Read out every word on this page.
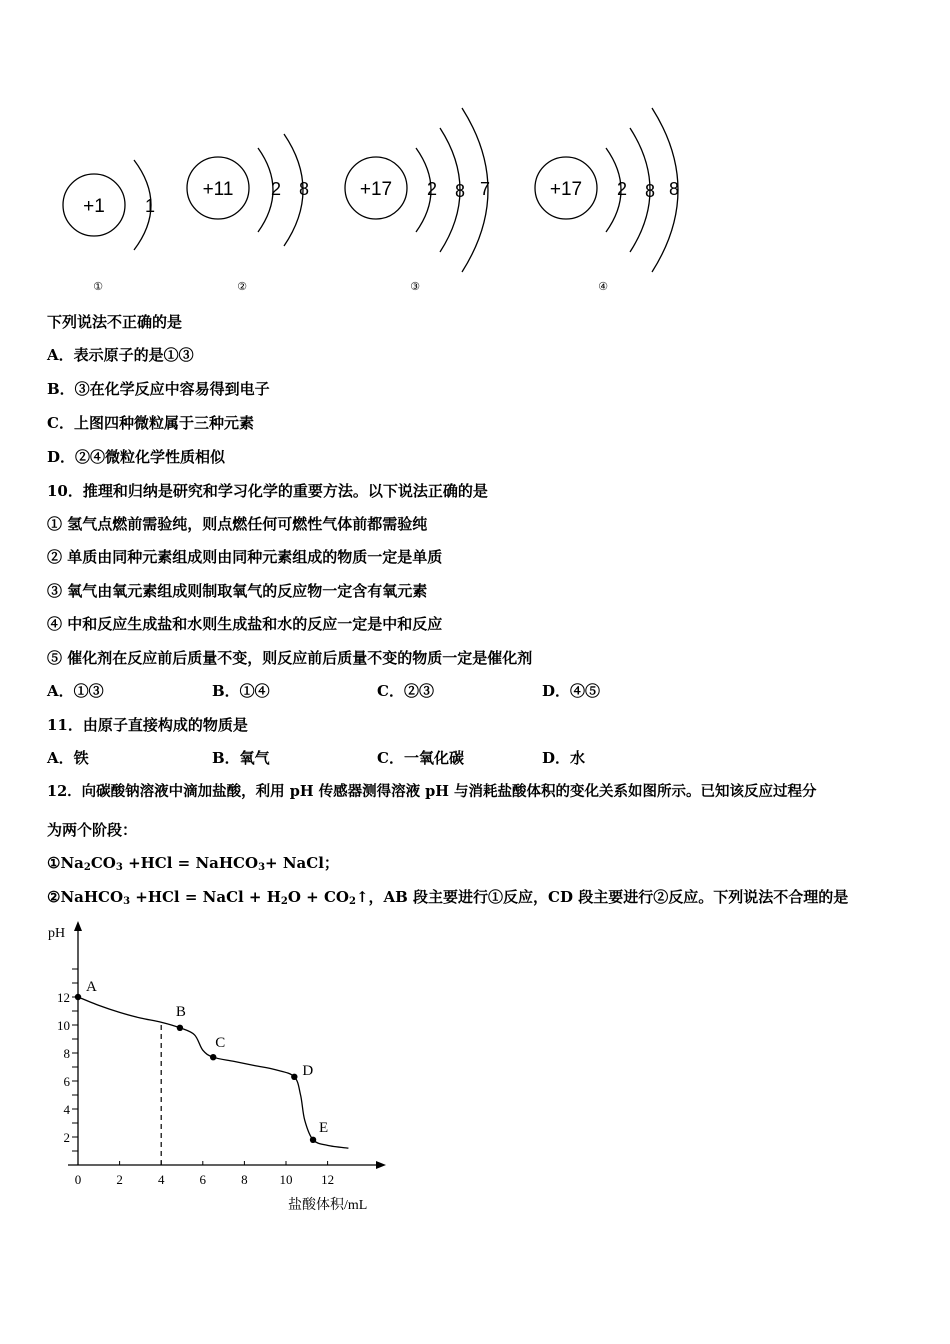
+1 1
①
+11 2 8
②
+17 2 8 7
③
+17 2 8 8
④
下列说法不正确的是
A．表示原子的是①③
B．③在化学反应中容易得到电子
C．上图四种微粒属于三种元素
D．②④微粒化学性质相似
10．推理和归纳是研究和学习化学的重要方法。以下说法正确的是
① 氢气点燃前需验纯，则点燃任何可燃性气体前都需验纯
② 单质由同种元素组成则由同种元素组成的物质一定是单质
③ 氧气由氧元素组成则制取氧气的反应物一定含有氧元素
④ 中和反应生成盐和水则生成盐和水的反应一定是中和反应
⑤ 催化剂在反应前后质量不变，则反应前后质量不变的物质一定是催化剂
A．①③	B．①④	C．②③	D．④⑤
11．由原子直接构成的物质是
A．铁	B．氧气	C．一氧化碳	D．水
12．向碳酸钠溶液中滴加盐酸，利用 pH 传感器测得溶液 pH 与消耗盐酸体积的变化关系如图所示。已知该反应过程分
为两个阶段：
$①Na_2CO_3 +HCl$ = NaHCO$_3$+ NaCl；
②NaHCO$_3$ +HCl = NaCl + $H_2O$ + $CO_2↑$，AB 段主要进行①反应，CD 段主要进行②反应。下列说法不合理的是
pH
盐酸体积/mL
0	2	4	6	8 10 12
2
4
6
8
10
12
A
B
C
D
E
